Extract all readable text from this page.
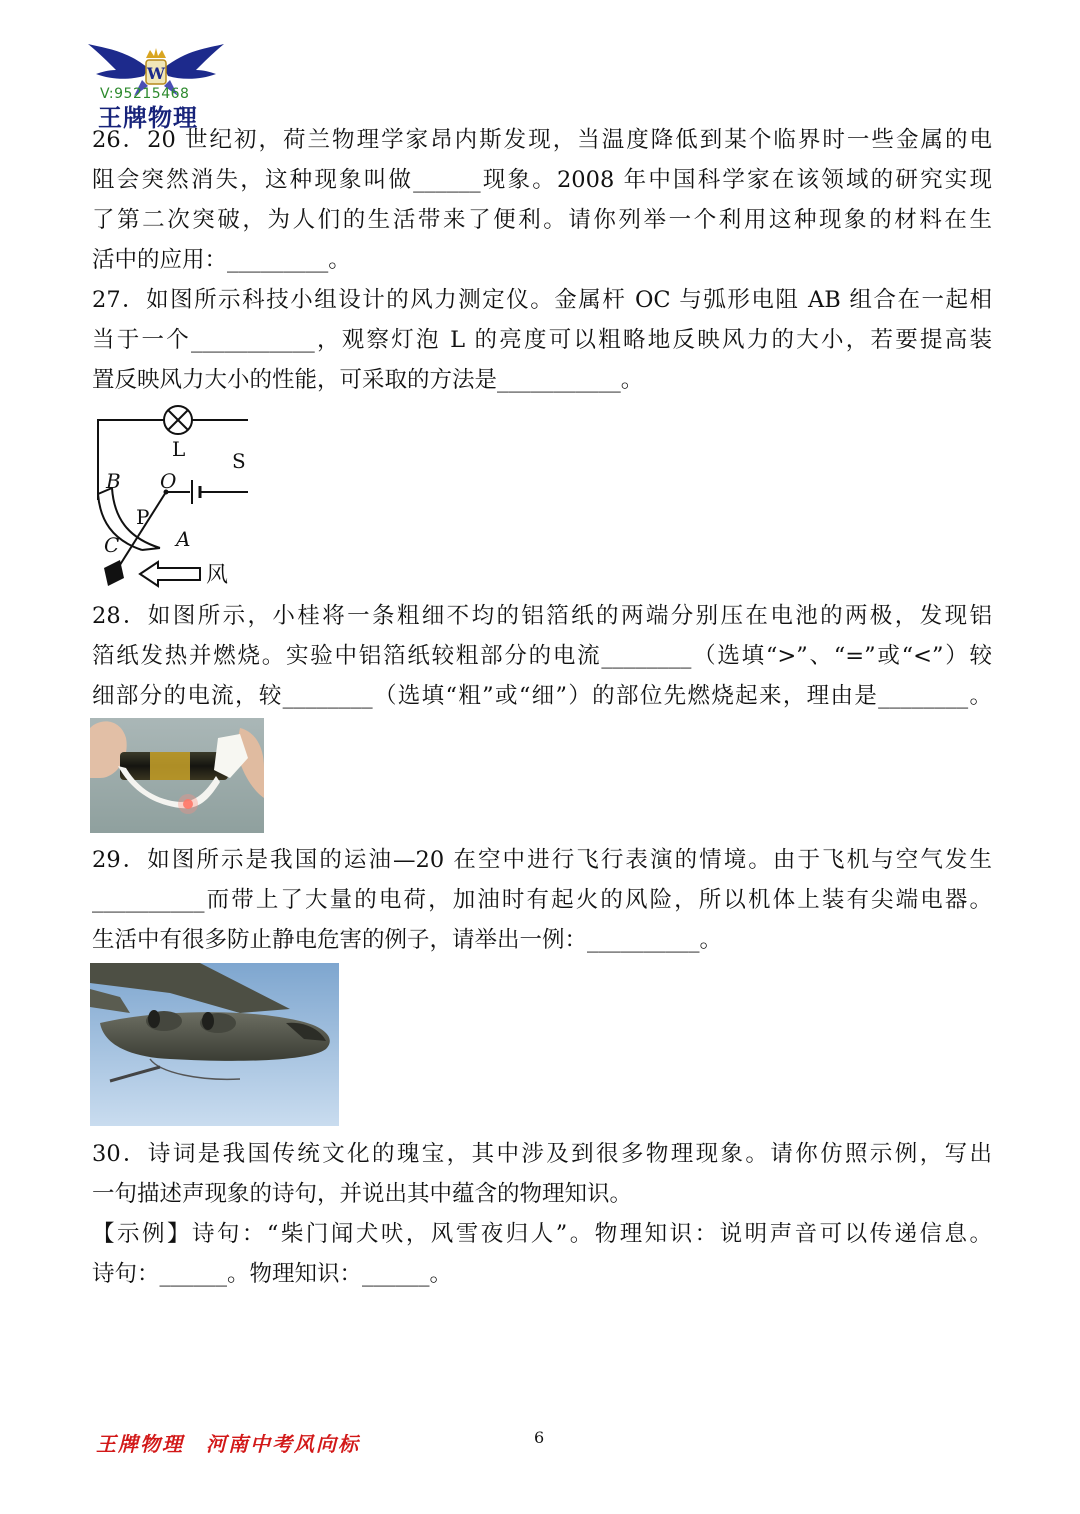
W
V:95215468
王牌物理
26．20 世纪初，荷兰物理学家昂内斯发现，当温度降低到某个临界时一些金属的电
阻会突然消失，这种现象叫做______现象。2008 年中国科学家在该领域的研究实现
了第二次突破，为人们的生活带来了便利。请你列举一个利用这种现象的材料在生
活中的应用：_________。
27．如图所示科技小组设计的风力测定仪。金属杆 OC 与弧形电阻 AB 组合在一起相
当于一个___________，观察灯泡 L 的亮度可以粗略地反映风力的大小，若要提高装
置反映风力大小的性能，可采取的方法是___________。
L S
B O
P
C	A
风
28．如图所示，小桂将一条粗细不均的铝箔纸的两端分别压在电池的两极，发现铝
箔纸发热并燃烧。实验中铝箔纸较粗部分的电流________（选填“>”、“=”或“<”）较
细部分的电流，较________（选填“粗”或“细”）的部位先燃烧起来，理由是________。
29．如图所示是我国的运油—20 在空中进行飞行表演的情境。由于飞机与空气发生
__________而带上了大量的电荷，加油时有起火的风险，所以机体上装有尖端电器。
生活中有很多防止静电危害的例子，请举出一例：__________。
30．诗词是我国传统文化的瑰宝，其中涉及到很多物理现象。请你仿照示例，写出
一句描述声现象的诗句，并说出其中蕴含的物理知识。
【示例】诗句：“柴门闻犬吠，风雪夜归人”。物理知识：说明声音可以传递信息。
诗句：______。物理知识：______。
王牌物理　河南中考风向标	6
